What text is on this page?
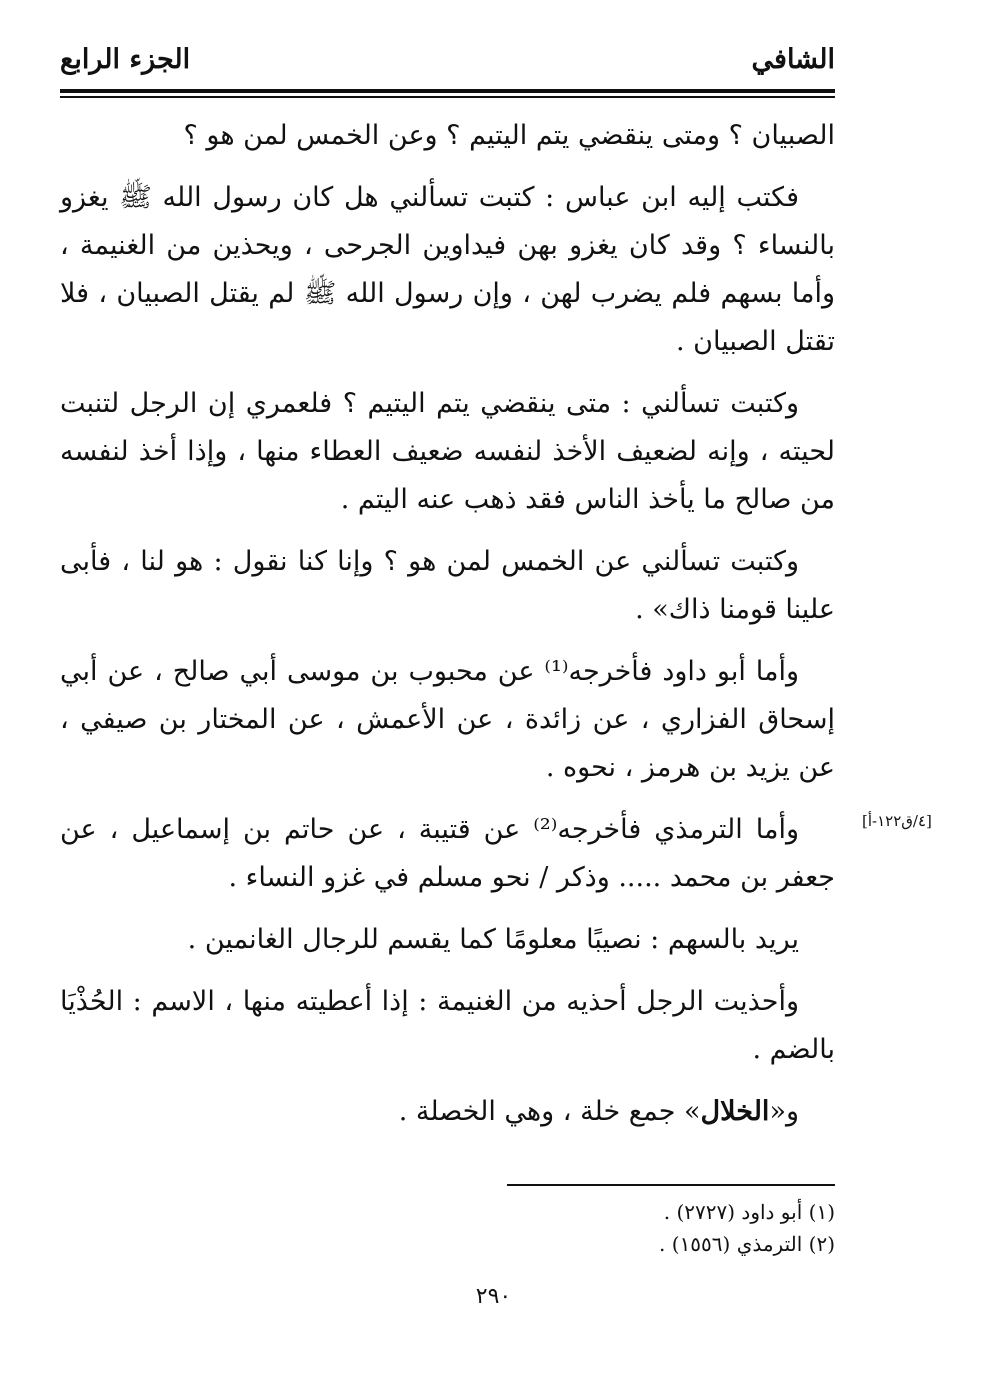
الشافي
الجزء الرابع

الصبيان ؟ ومتى ينقضي يتم اليتيم ؟ وعن الخمس لمن هو ؟

فكتب إليه ابن عباس : كتبت تسألني هل كان رسول الله ﷺ يغزو بالنساء ؟ وقد كان يغزو بهن فيداوين الجرحى ، ويحذين من الغنيمة ، وأما بسهم فلم يضرب لهن ، وإن رسول الله ﷺ لم يقتل الصبيان ، فلا تقتل الصبيان .

وكتبت تسألني : متى ينقضي يتم اليتيم ؟ فلعمري إن الرجل لتنبت لحيته ، وإنه لضعيف الأخذ لنفسه ضعيف العطاء منها ، وإذا أخذ لنفسه من صالح ما يأخذ الناس فقد ذهب عنه اليتم .

وكتبت تسألني عن الخمس لمن هو ؟ وإنا كنا نقول : هو لنا ، فأبى علينا قومنا ذاك» .

وأما أبو داود فأخرجه⁽¹⁾ عن محبوب بن موسى أبي صالح ، عن أبي إسحاق الفزاري ، عن زائدة ، عن الأعمش ، عن المختار بن صيفي ، عن يزيد بن هرمز ، نحوه .

وأما الترمذي فأخرجه⁽²⁾ عن قتيبة ، عن حاتم بن إسماعيل ، عن جعفر بن محمد ..... وذكر / نحو مسلم في غزو النساء .

يريد بالسهم : نصيبًا معلومًا كما يقسم للرجال الغانمين .

وأحذيت الرجل أحذيه من الغنيمة : إذا أعطيته منها ، الاسم : الحُذْيَا بالضم .

و«الخلال» جمع خلة ، وهي الخصلة .

[٤/ق١٢٢-أ]
(١) أبو داود (٢٧٢٧) .
(٢) الترمذي (١٥٥٦) .
٢٩٠
